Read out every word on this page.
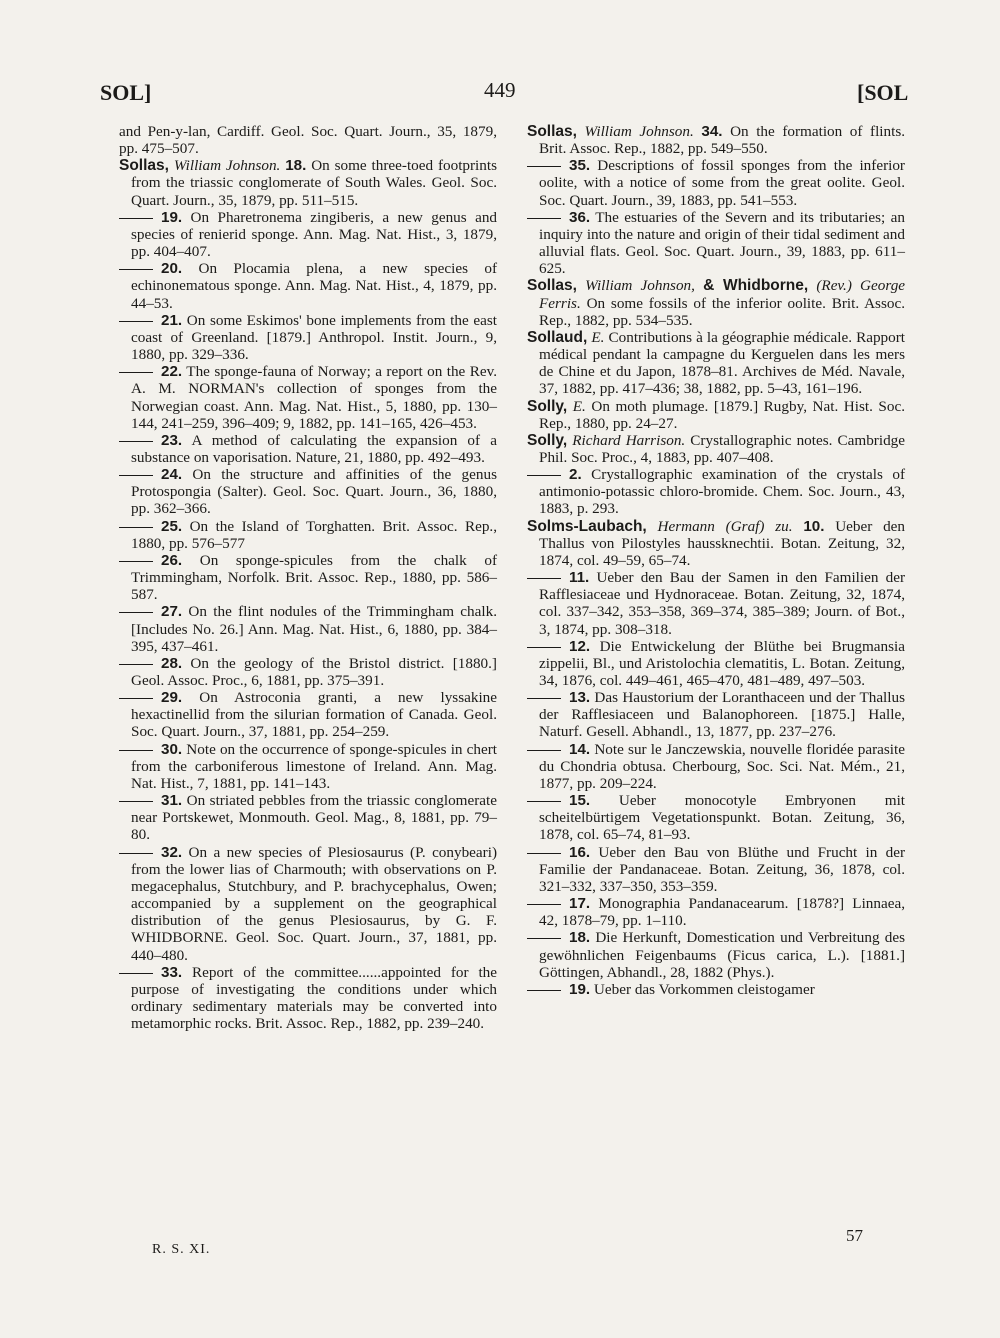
SOL]	449	[SOL

and Pen-y-lan, Cardiff. Geol. Soc. Quart. Journ., 35, 1879, pp. 475–507.

Sollas, William Johnson. 18. On some three-toed footprints from the triassic conglomerate of South Wales. Geol. Soc. Quart. Journ., 35, 1879, pp. 511–515.

19. On Pharetronema zingiberis, a new genus and species of renierid sponge. Ann. Mag. Nat. Hist., 3, 1879, pp. 404–407.

20. On Plocamia plena, a new species of echinonematous sponge. Ann. Mag. Nat. Hist., 4, 1879, pp. 44–53.

21. On some Eskimos' bone implements from the east coast of Greenland. [1879.] Anthropol. Instit. Journ., 9, 1880, pp. 329–336.

22. The sponge-fauna of Norway; a report on the Rev. A. M. NORMAN's collection of sponges from the Norwegian coast. Ann. Mag. Nat. Hist., 5, 1880, pp. 130–144, 241–259, 396–409; 9, 1882, pp. 141–165, 426–453.

23. A method of calculating the expansion of a substance on vaporisation. Nature, 21, 1880, pp. 492–493.

24. On the structure and affinities of the genus Protospongia (Salter). Geol. Soc. Quart. Journ., 36, 1880, pp. 362–366.

25. On the Island of Torghatten. Brit. Assoc. Rep., 1880, pp. 576–577

26. On sponge-spicules from the chalk of Trimmingham, Norfolk. Brit. Assoc. Rep., 1880, pp. 586–587.

27. On the flint nodules of the Trimmingham chalk. [Includes No. 26.] Ann. Mag. Nat. Hist., 6, 1880, pp. 384–395, 437–461.

28. On the geology of the Bristol district. [1880.] Geol. Assoc. Proc., 6, 1881, pp. 375–391.

29. On Astroconia granti, a new lyssakine hexactinellid from the silurian formation of Canada. Geol. Soc. Quart. Journ., 37, 1881, pp. 254–259.

30. Note on the occurrence of sponge-spicules in chert from the carboniferous limestone of Ireland. Ann. Mag. Nat. Hist., 7, 1881, pp. 141–143.

31. On striated pebbles from the triassic conglomerate near Portskewet, Monmouth. Geol. Mag., 8, 1881, pp. 79–80.

32. On a new species of Plesiosaurus (P. conybeari) from the lower lias of Charmouth; with observations on P. megacephalus, Stutchbury, and P. brachycephalus, Owen; accompanied by a supplement on the geographical distribution of the genus Plesiosaurus, by G. F. WHIDBORNE. Geol. Soc. Quart. Journ., 37, 1881, pp. 440–480.

33. Report of the committee......appointed for the purpose of investigating the conditions under which ordinary sedimentary materials may be converted into metamorphic rocks. Brit. Assoc. Rep., 1882, pp. 239–240.

Sollas, William Johnson. 34. On the formation of flints. Brit. Assoc. Rep., 1882, pp. 549–550.

35. Descriptions of fossil sponges from the inferior oolite, with a notice of some from the great oolite. Geol. Soc. Quart. Journ., 39, 1883, pp. 541–553.

36. The estuaries of the Severn and its tributaries; an inquiry into the nature and origin of their tidal sediment and alluvial flats. Geol. Soc. Quart. Journ., 39, 1883, pp. 611–625.

Sollas, William Johnson, & Whidborne, (Rev.) George Ferris. On some fossils of the inferior oolite. Brit. Assoc. Rep., 1882, pp. 534–535.

Sollaud, E. Contributions à la géographie médicale. Rapport médical pendant la campagne du Kerguelen dans les mers de Chine et du Japon, 1878–81. Archives de Méd. Navale, 37, 1882, pp. 417–436; 38, 1882, pp. 5–43, 161–196.

Solly, E. On moth plumage. [1879.] Rugby, Nat. Hist. Soc. Rep., 1880, pp. 24–27.

Solly, Richard Harrison. Crystallographic notes. Cambridge Phil. Soc. Proc., 4, 1883, pp. 407–408.

2. Crystallographic examination of the crystals of antimonio-potassic chloro-bromide. Chem. Soc. Journ., 43, 1883, p. 293.

Solms-Laubach, Hermann (Graf) zu. 10. Ueber den Thallus von Pilostyles haussknechtii. Botan. Zeitung, 32, 1874, col. 49–59, 65–74.

11. Ueber den Bau der Samen in den Familien der Rafflesiaceae und Hydnoraceae. Botan. Zeitung, 32, 1874, col. 337–342, 353–358, 369–374, 385–389; Journ. of Bot., 3, 1874, pp. 308–318.

12. Die Entwickelung der Blüthe bei Brugmansia zippelii, Bl., und Aristolochia clematitis, L. Botan. Zeitung, 34, 1876, col. 449–461, 465–470, 481–489, 497–503.

13. Das Haustorium der Loranthaceen und der Thallus der Rafflesiaceen und Balanophoreen. [1875.] Halle, Naturf. Gesell. Abhandl., 13, 1877, pp. 237–276.

14. Note sur le Janczewskia, nouvelle floridée parasite du Chondria obtusa. Cherbourg, Soc. Sci. Nat. Mém., 21, 1877, pp. 209–224.

15. Ueber monocotyle Embryonen mit scheitelbürtigem Vegetationspunkt. Botan. Zeitung, 36, 1878, col. 65–74, 81–93.

16. Ueber den Bau von Blüthe und Frucht in der Familie der Pandanaceae. Botan. Zeitung, 36, 1878, col. 321–332, 337–350, 353–359.

17. Monographia Pandanacearum. [1878?] Linnaea, 42, 1878–79, pp. 1–110.

18. Die Herkunft, Domestication und Verbreitung des gewöhnlichen Feigenbaums (Ficus carica, L.). [1881.] Göttingen, Abhandl., 28, 1882 (Phys.).

19. Ueber das Vorkommen cleistogamer

R. S. XI.
57
